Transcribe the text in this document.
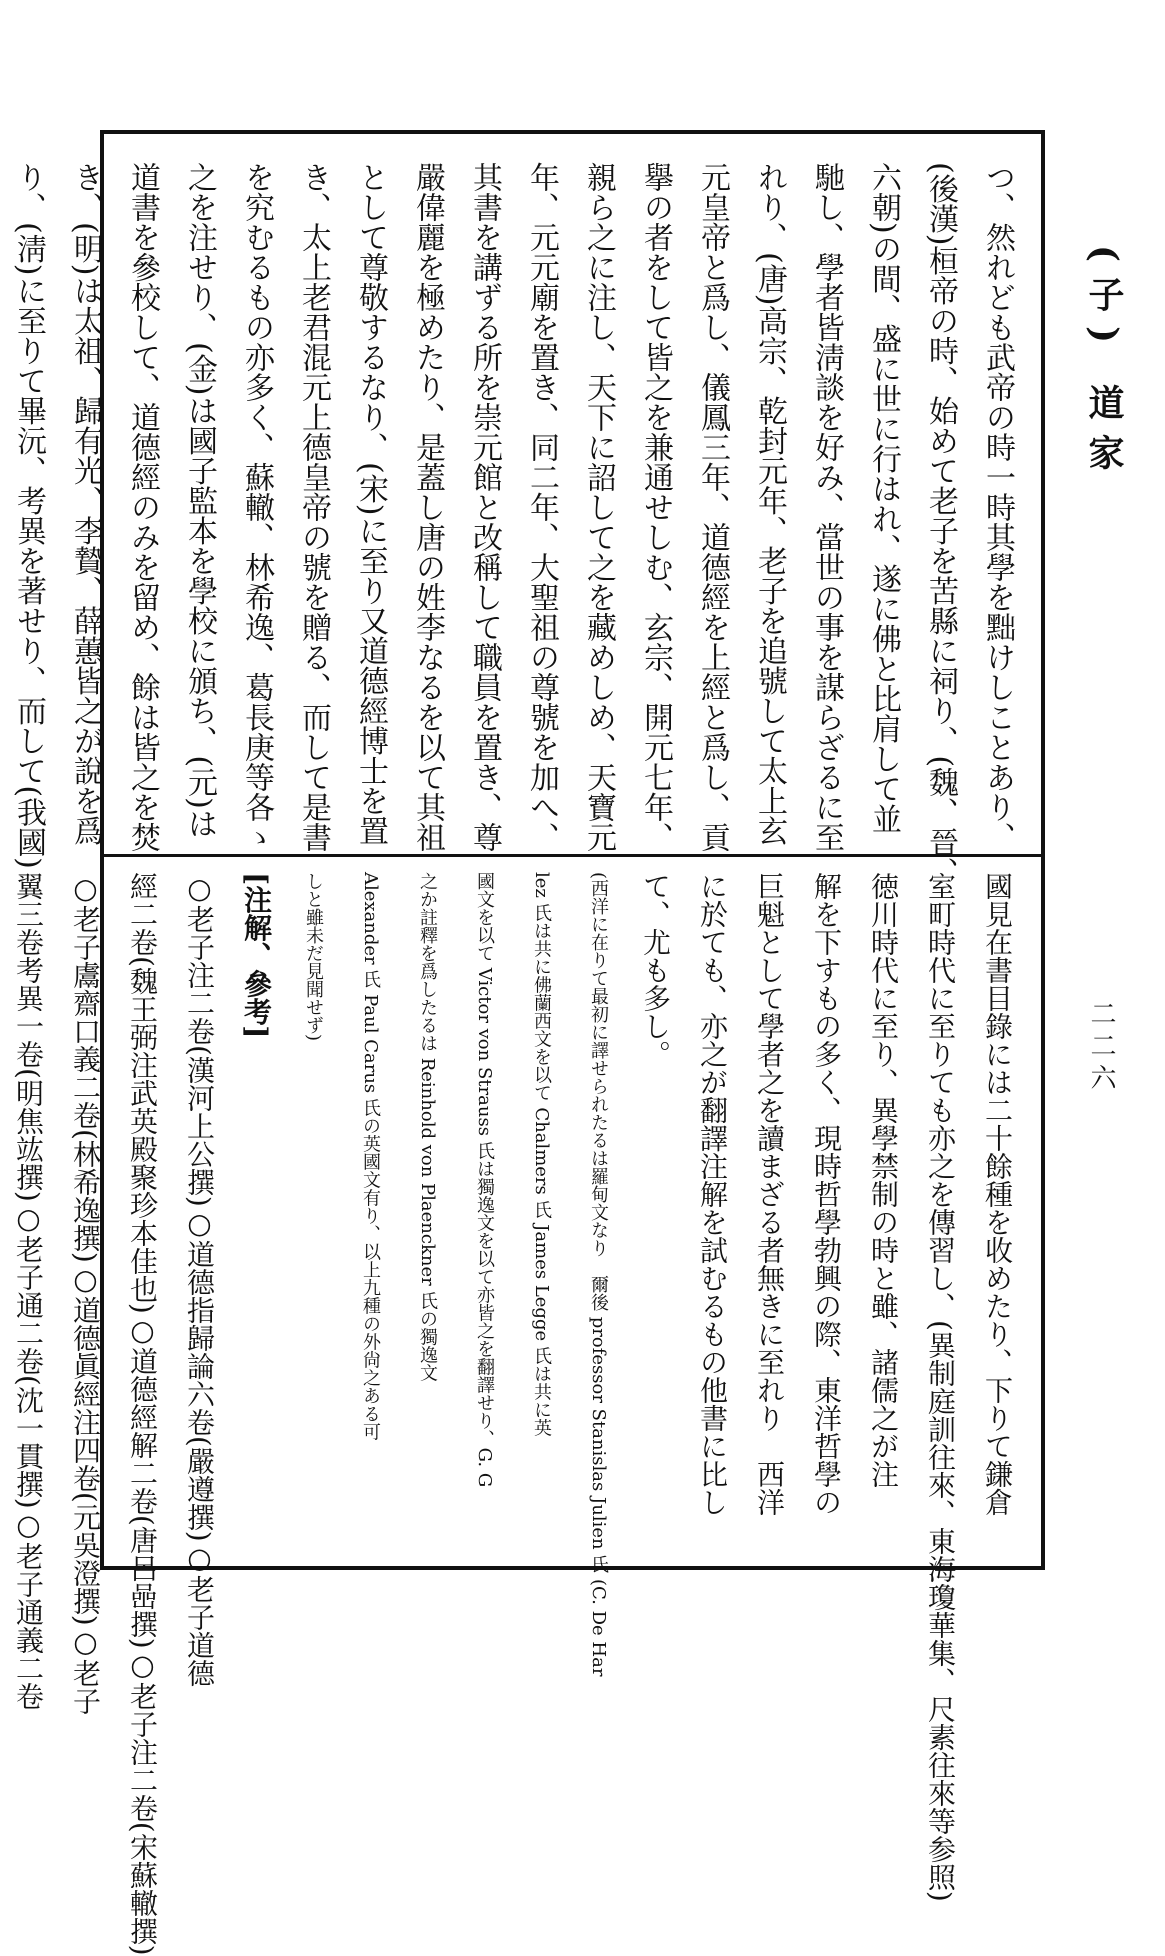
(子) 道家
二二六
つ、然れども武帝の時一時其學を黜けしことあり、
(後漢)桓帝の時、始めて老子を苦縣に祠り、(魏、晉、
六朝)の間、盛に世に行はれ、遂に佛と比肩して並
馳し、學者皆淸談を好み、當世の事を謀らざるに至
れり、(唐)高宗、乾封元年、老子を追號して太上玄
元皇帝と爲し、儀鳳三年、道德經を上經と爲し、貢
擧の者をして皆之を兼通せしむ、玄宗、開元七年、
親ら之に注し、天下に詔して之を藏めしめ、天寶元
年、元元廟を置き、同二年、大聖祖の尊號を加へ、
其書を講ずる所を崇元館と改稱して職員を置き、尊
嚴偉麗を極めたり、是蓋し唐の姓李なるを以て其祖
として尊敬するなり、(宋)に至り又道德經博士を置
き、太上老君混元上德皇帝の號を贈る、而して是書
を究むるもの亦多く、蘇轍、林希逸、葛長庚等各ゝ
之を注せり、(金)は國子監本を學校に頒ち、(元)は
道書を參校して、道德經のみを留め、餘は皆之を焚
き、(明)は太祖、歸有光、李贄、薛蕙皆之が說を爲
り、(淸)に至りて畢沅、考異を著せり、而して(我國)
國見在書目錄には二十餘種を收めたり、下りて鎌倉
室町時代に至りても亦之を傳習し、(異制庭訓往來、東海瓊華集、尺素往來等参照)
徳川時代に至り、異學禁制の時と雖、諸儒之が注
解を下すもの多く、現時哲學勃興の際、東洋哲學の
巨魁として學者之を讀まざる者無きに至れり　西洋
に於ても、亦之が翻譯注解を試むるもの他書に比し
て、尤も多し。
(西洋に在りて最初に譯せられたるは羅甸文なり　爾後 professor Stanislas Julien 氏 (C. De Har
lez 氏は共に佛蘭西文を以て Chalmers 氏 James Legge 氏は共に英
國文を以て Victor von Strauss 氏は獨逸文を以て亦皆之を翻譯せり、G. G
之か註釋を爲したるは Reinhold von Plaenckner 氏の獨逸文
Alexander 氏 Paul Carus 氏の英國文有り、以上九種の外尙之ある可
しと雖未だ見聞せず)
[注解、參考]
○老子注二卷(漢河上公撰)○道德指歸論六卷(嚴遵撰)○老子道德
經二卷(魏王弼注武英殿聚珍本佳也)○道德經解二卷(唐呂喦撰)○老子注二卷(宋蘇轍撰)
○老子鬳齋口義二卷(林希逸撰)○道德眞經注四卷(元吳澄撰)○老子
翼三卷考異一卷(明焦竑撰)○老子通二卷(沈一貫撰)○老子通義二卷
